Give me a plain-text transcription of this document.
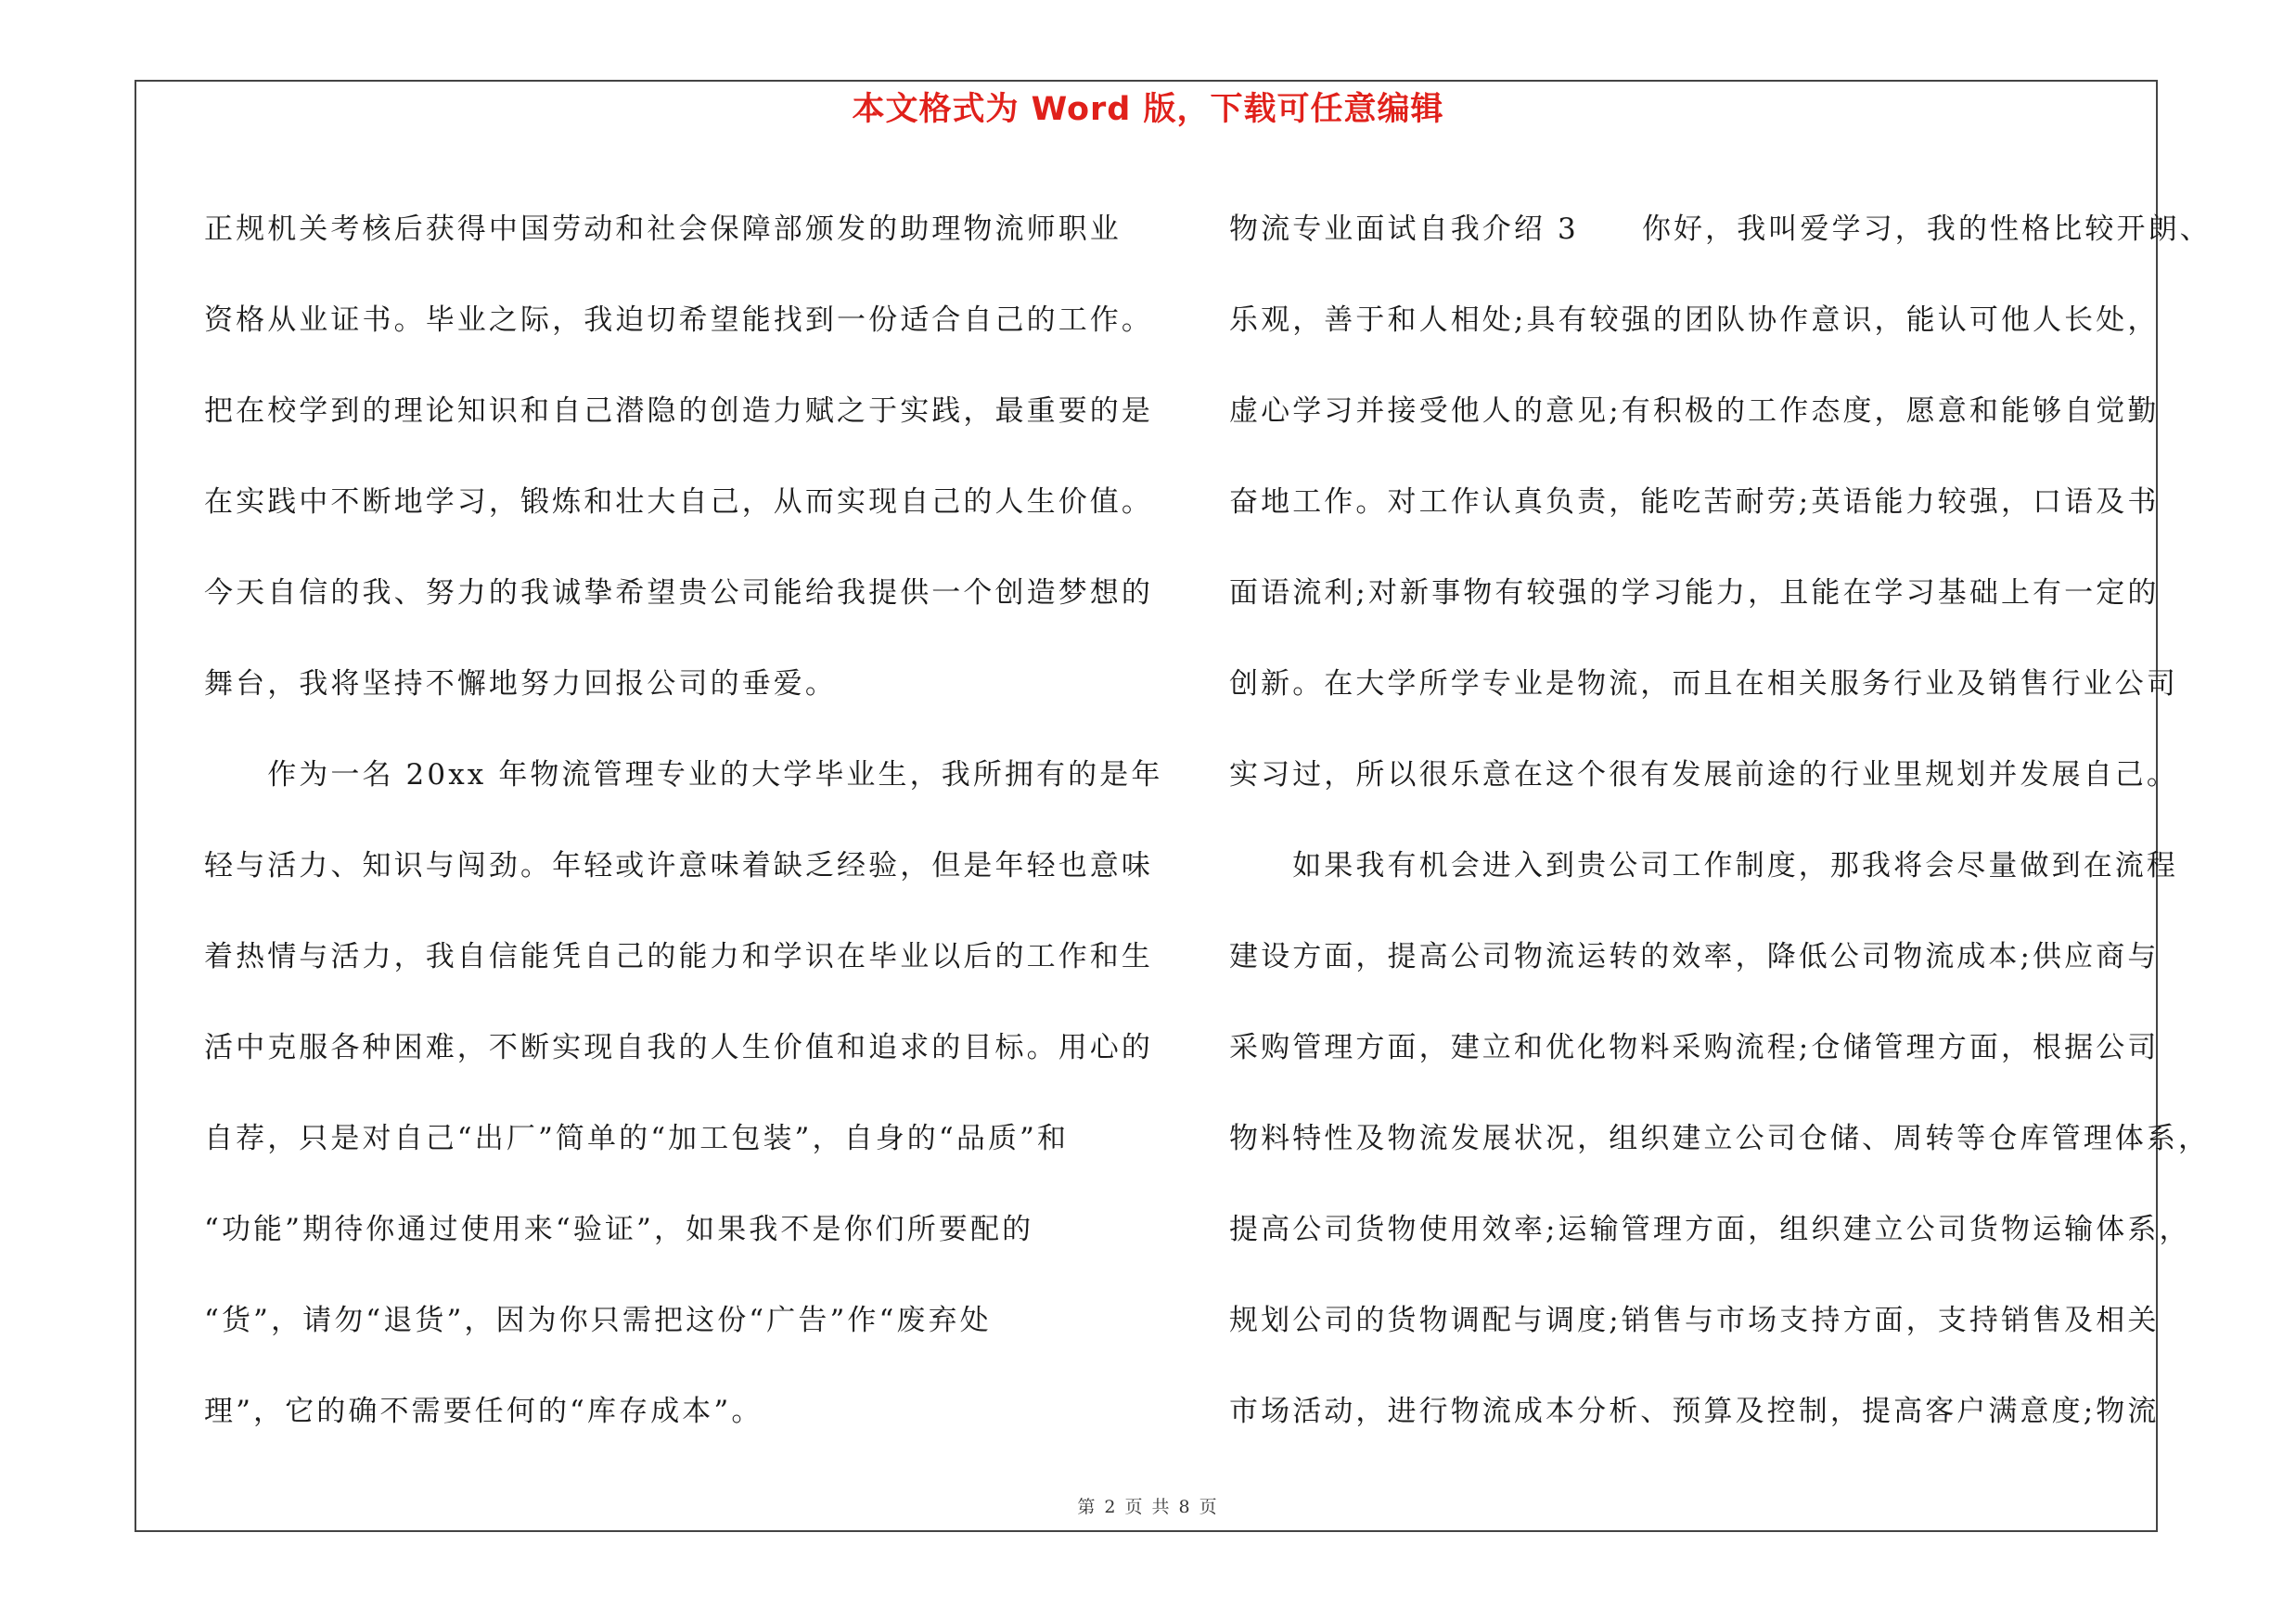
本文格式为 Word 版，下载可任意编辑
正规机关考核后获得中国劳动和社会保障部颁发的助理物流师职业
资格从业证书。毕业之际，我迫切希望能找到一份适合自己的工作。
把在校学到的理论知识和自己潜隐的创造力赋之于实践，最重要的是
在实践中不断地学习，锻炼和壮大自己，从而实现自己的人生价值。
今天自信的我、努力的我诚挚希望贵公司能给我提供一个创造梦想的
舞台，我将坚持不懈地努力回报公司的垂爱。
　　作为一名 20xx 年物流管理专业的大学毕业生，我所拥有的是年
轻与活力、知识与闯劲。年轻或许意味着缺乏经验，但是年轻也意味
着热情与活力，我自信能凭自己的能力和学识在毕业以后的工作和生
活中克服各种困难，不断实现自我的人生价值和追求的目标。用心的
自荐，只是对自己“出厂”简单的“加工包装”，自身的“品质”和
“功能”期待你通过使用来“验证”，如果我不是你们所要配的
“货”，请勿“退货”，因为你只需把这份“广告”作“废弃处
理”，它的确不需要任何的“库存成本”。
物流专业面试自我介绍 3　　你好，我叫爱学习，我的性格比较开朗、
乐观，善于和人相处;具有较强的团队协作意识，能认可他人长处，
虚心学习并接受他人的意见;有积极的工作态度，愿意和能够自觉勤
奋地工作。对工作认真负责，能吃苦耐劳;英语能力较强，口语及书
面语流利;对新事物有较强的学习能力，且能在学习基础上有一定的
创新。在大学所学专业是物流，而且在相关服务行业及销售行业公司
实习过，所以很乐意在这个很有发展前途的行业里规划并发展自己。
　　如果我有机会进入到贵公司工作制度，那我将会尽量做到在流程
建设方面，提高公司物流运转的效率，降低公司物流成本;供应商与
采购管理方面，建立和优化物料采购流程;仓储管理方面，根据公司
物料特性及物流发展状况，组织建立公司仓储、周转等仓库管理体系，
提高公司货物使用效率;运输管理方面，组织建立公司货物运输体系，
规划公司的货物调配与调度;销售与市场支持方面，支持销售及相关
市场活动，进行物流成本分析、预算及控制，提高客户满意度;物流
第 2 页 共 8 页
